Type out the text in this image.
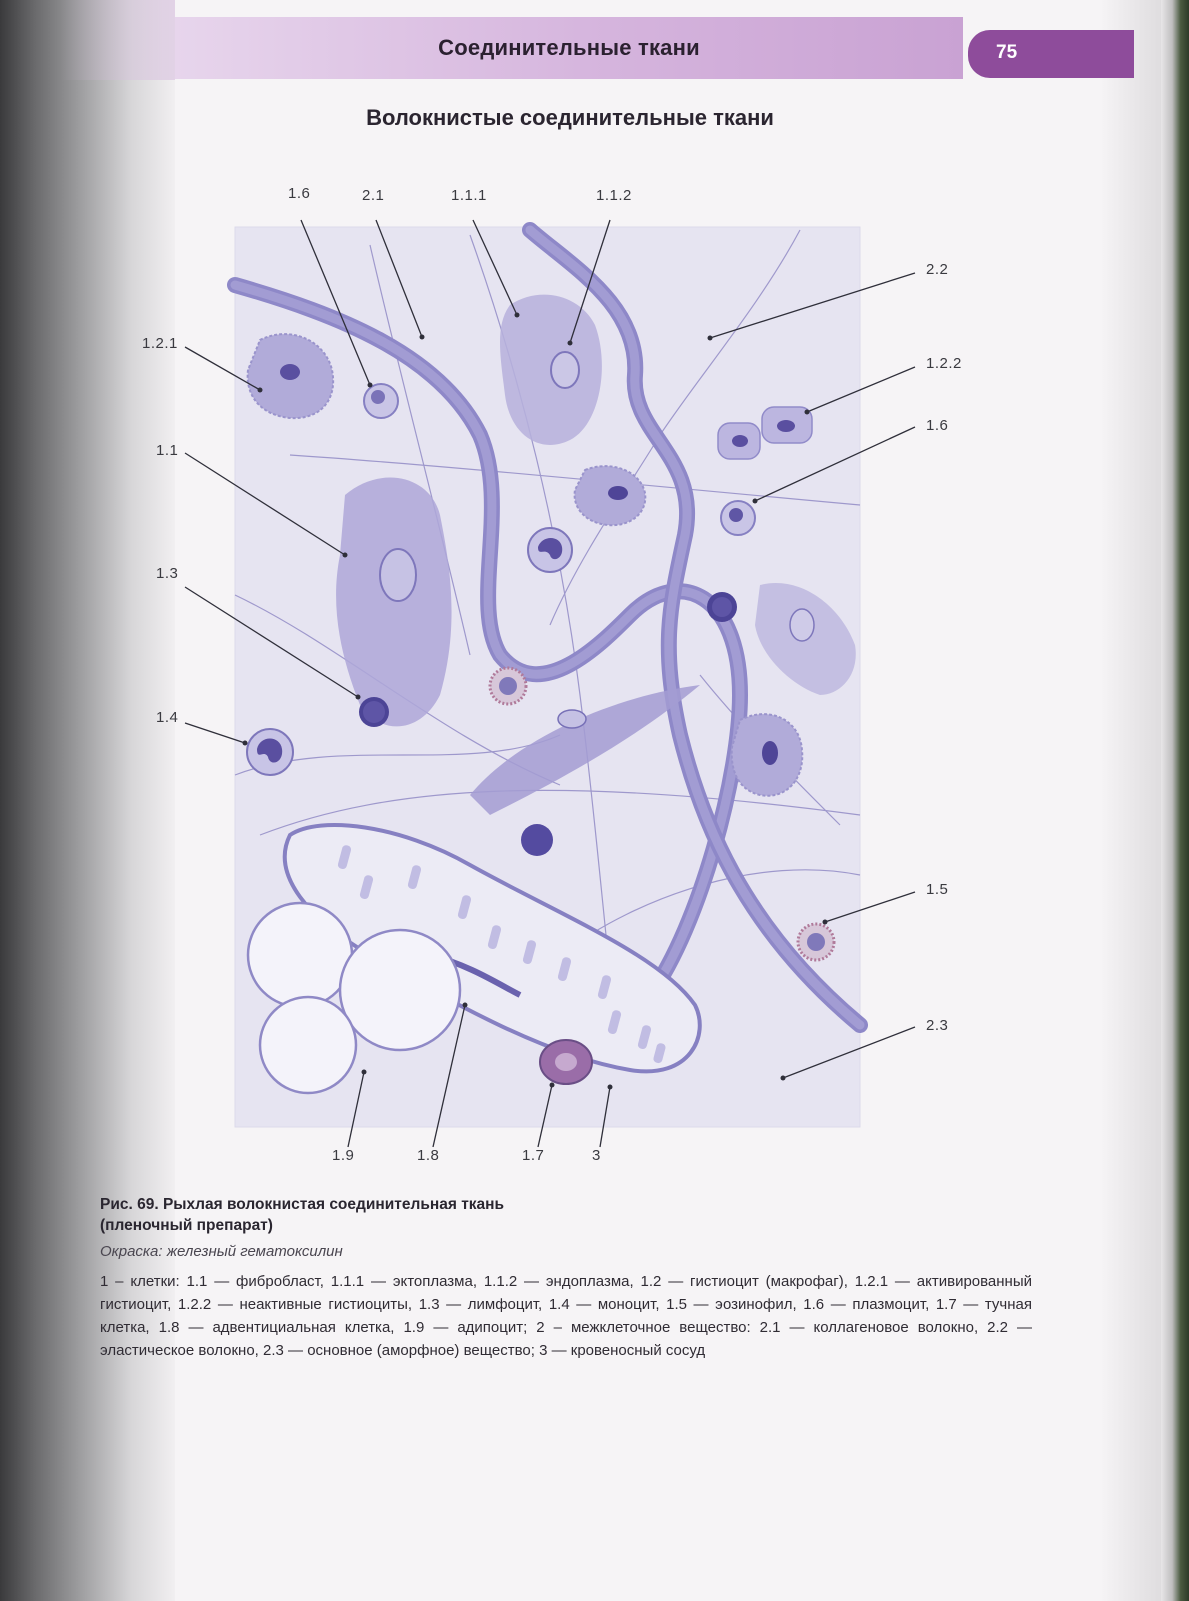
Соединительные ткани	75
Волокнистые соединительные ткани
1.6	2.1	1.1.1	1.1.2
2.2
1.2.1
1.2.2
1.6
1.1
1.3
1.4
1.5
2.3
1.9	1.8	1.7	3
Рис. 69. Рыхлая волокнистая соединительная ткань
(пленочный препарат)
Окраска: железный гематоксилин
1 – клетки: 1.1 — фибробласт, 1.1.1 — эктоплазма, 1.1.2 — эндоплазма, 1.2 — гистиоцит (макрофаг), 1.2.1 — активированный гистиоцит, 1.2.2 — неактивные гистиоциты, 1.3 — лимфоцит, 1.4 — моноцит, 1.5 — эозинофил, 1.6 — плазмоцит, 1.7 — тучная клетка, 1.8 — адвентициальная клетка, 1.9 — адипоцит; 2 – межклеточное вещество: 2.1 — коллагеновое волокно, 2.2 — эластическое волокно, 2.3 — основное (аморфное) вещество; 3 — кровеносный сосуд
